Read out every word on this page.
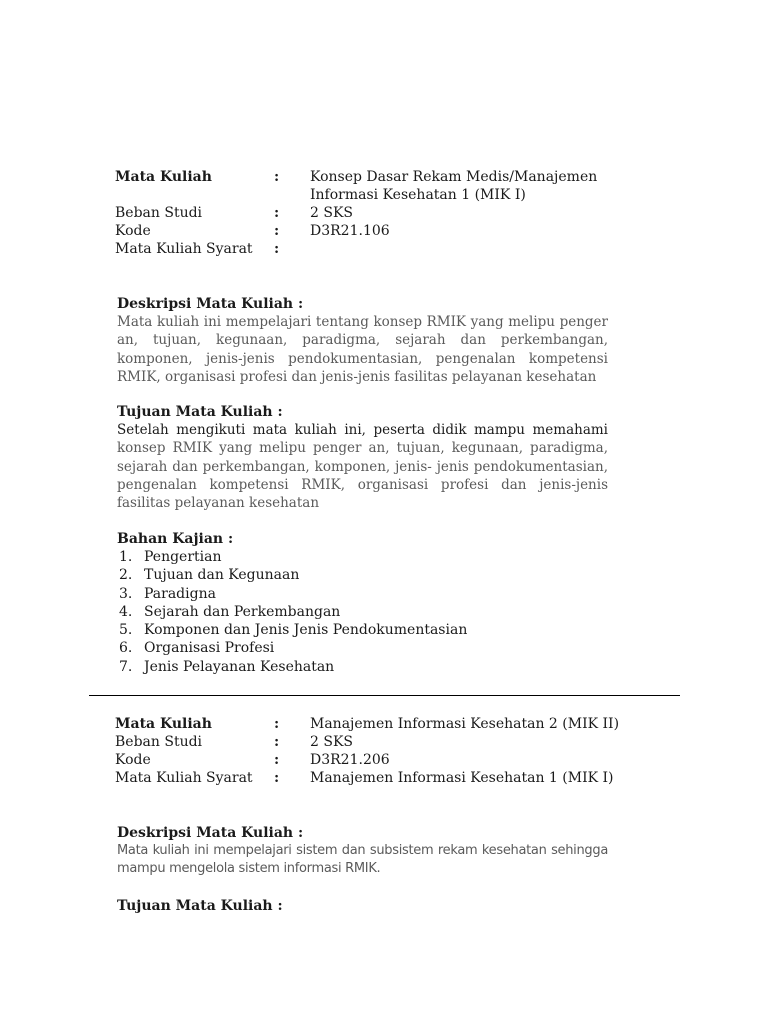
Mata Kuliah	: Konsep Dasar Rekam Medis/Manajemen Informasi Kesehatan 1 (MIK I)
Beban Studi	: 2 SKS
Kode	: D3R21.106
Mata Kuliah Syarat :
Deskripsi Mata Kuliah :

Mata kuliah ini mempelajari tentang konsep RMIK yang melipu penger an, tujuan, kegunaan, paradigma, sejarah dan perkembangan, komponen, jenis-jenis pendokumentasian, pengenalan kompetensi RMIK, organisasi profesi dan jenis-jenis fasilitas pelayanan kesehatan

Tujuan Mata Kuliah :

Setelah mengikuti mata kuliah ini, peserta didik mampu memahami konsep RMIK yang melipu penger an, tujuan, kegunaan, paradigma, sejarah dan perkembangan, komponen, jenis- jenis pendokumentasian, pengenalan kompetensi RMIK, organisasi profesi dan jenis-jenis fasilitas pelayanan kesehatan

Bahan Kajian :
1. Pengertian
2. Tujuan dan Kegunaan
3. Paradigna
4. Sejarah dan Perkembangan
5. Komponen dan Jenis Jenis Pendokumentasian
6. Organisasi Profesi
7. Jenis Pelayanan Kesehatan
Mata Kuliah	: Manajemen Informasi Kesehatan 2 (MIK II)
Beban Studi	: 2 SKS
Kode	: D3R21.206
Mata Kuliah Syarat : Manajemen Informasi Kesehatan 1 (MIK I)
Deskripsi Mata Kuliah :

Mata kuliah ini mempelajari sistem dan subsistem rekam kesehatan sehingga mampu mengelola sistem informasi RMIK.

Tujuan Mata Kuliah :
